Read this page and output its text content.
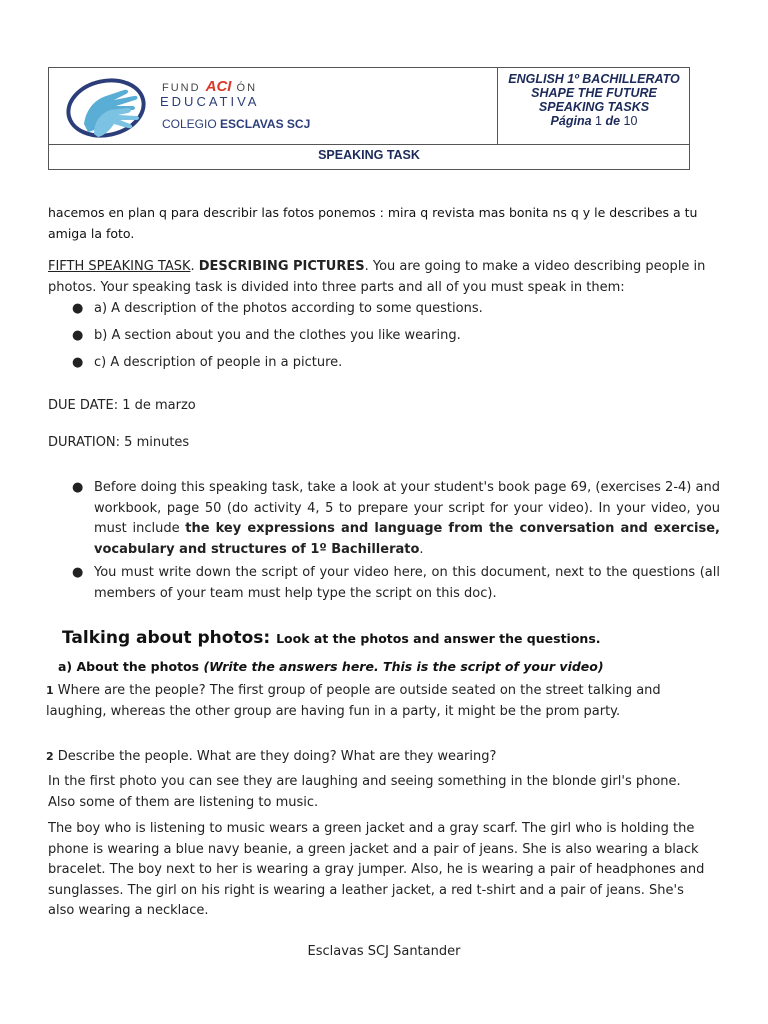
FUND ACI ÓN
EDUCATIVA
COLEGIO ESCLAVAS SCJ
ENGLISH 1º BACHILLERATO
SHAPE THE FUTURE
SPEAKING TASKS
Página 1 de 10
SPEAKING TASK
hacemos en plan q para describir las fotos ponemos : mira q revista mas bonita ns q y le describes a tu amiga la foto.
FIFTH SPEAKING TASK. DESCRIBING PICTURES. You are going to make a video describing people in photos. Your speaking task is divided into three parts and all of you must speak in them:
● a) A description of the photos according to some questions.
● b) A section about you and the clothes you like wearing.
● c) A description of people in a picture.
DUE DATE: 1 de marzo
DURATION: 5 minutes
● Before doing this speaking task, take a look at your student's book page 69, (exercises 2-4) and workbook, page 50 (do activity 4, 5 to prepare your script for your video). In your video, you must include the key expressions and language from the conversation and exercise, vocabulary and structures of 1º Bachillerato.
● You must write down the script of your video here, on this document, next to the questions (all members of your team must help type the script on this doc).
Talking about photos: Look at the photos and answer the questions.
a) About the photos (Write the answers here. This is the script of your video)
1 Where are the people? The first group of people are outside seated on the street talking and laughing, whereas the other group are having fun in a party, it might be the prom party.
2 Describe the people. What are they doing? What are they wearing?
In the first photo you can see they are laughing and seeing something in the blonde girl's phone. Also some of them are listening to music.
The boy who is listening to music wears a green jacket and a gray scarf. The girl who is holding the phone is wearing a blue navy beanie, a green jacket and a pair of jeans. She is also wearing a black bracelet. The boy next to her is wearing a gray jumper. Also, he is wearing a pair of headphones and sunglasses. The girl on his right is wearing a leather jacket, a red t-shirt and a pair of jeans. She's also wearing a necklace.
Esclavas SCJ Santander
